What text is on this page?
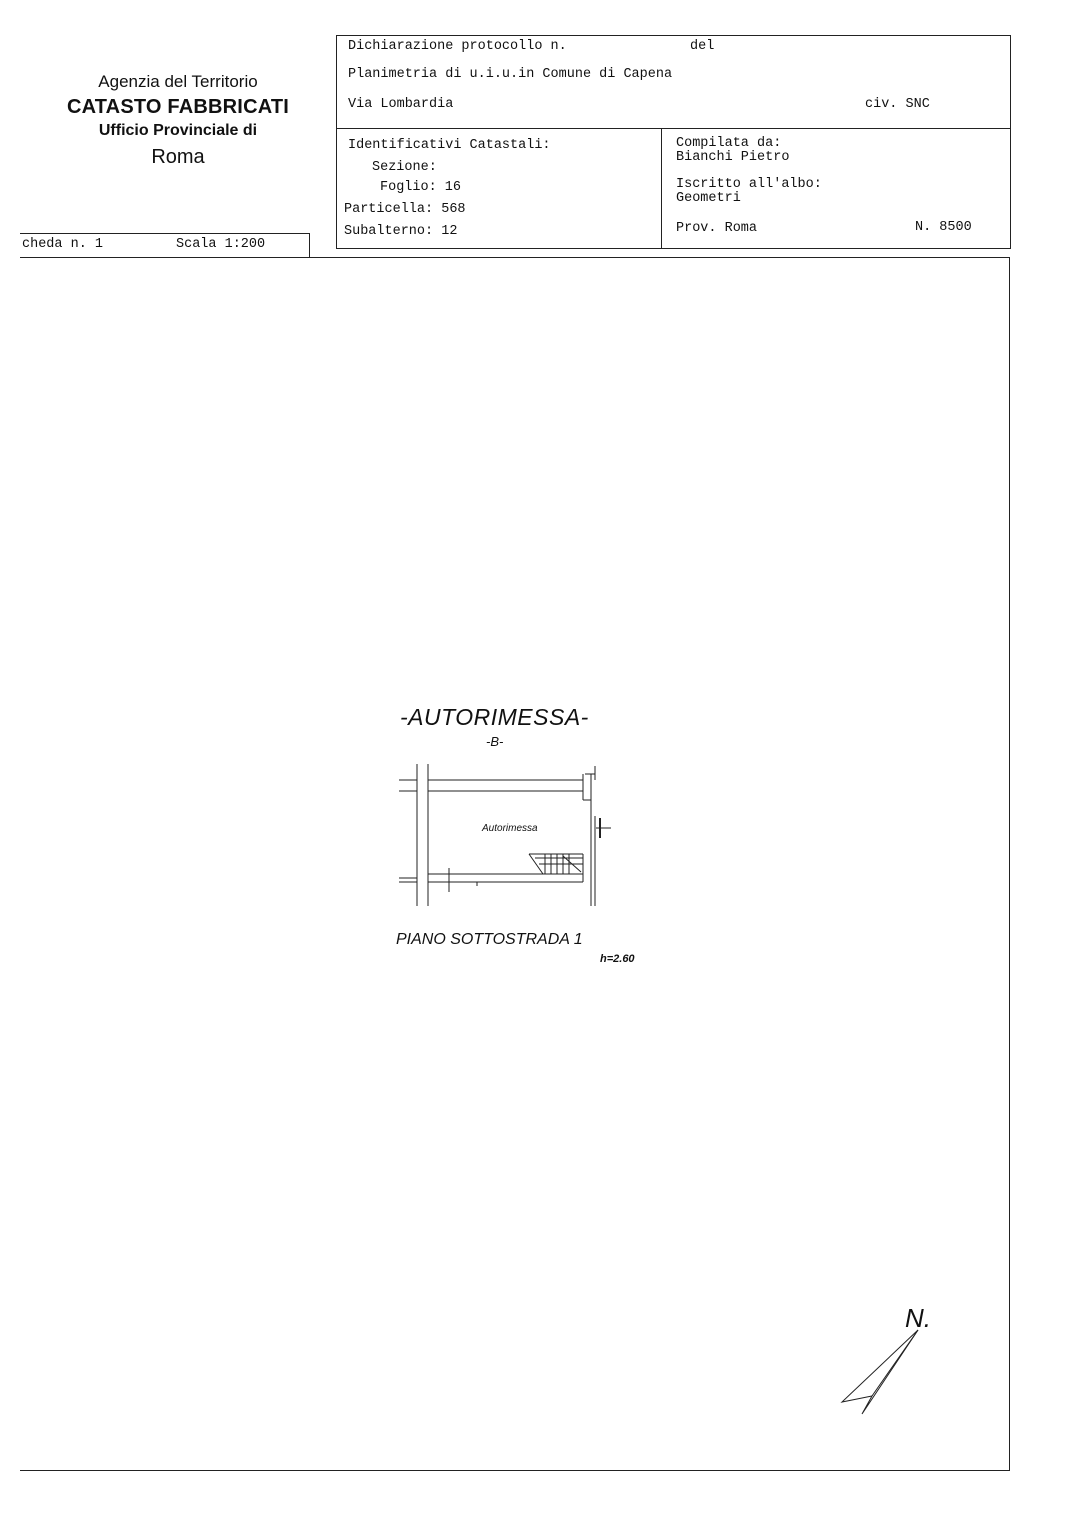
Agenzia del Territorio
CATASTO FABBRICATI
Ufficio Provinciale di
Roma
cheda n. 1	Scala 1:200
Dichiarazione protocollo n.	del
Planimetria di u.i.u.in Comune di Capena
Via Lombardia	civ. SNC
Identificativi Catastali:
Sezione:
Foglio: 16
Particella: 568
Subalterno: 12
Compilata da:
Bianchi Pietro
Iscritto all'albo:
Geometri
Prov. Roma	N. 8500
-AUTORIMESSA-
-B-
Autorimessa
PIANO SOTTOSTRADA 1
h=2.60
N.
